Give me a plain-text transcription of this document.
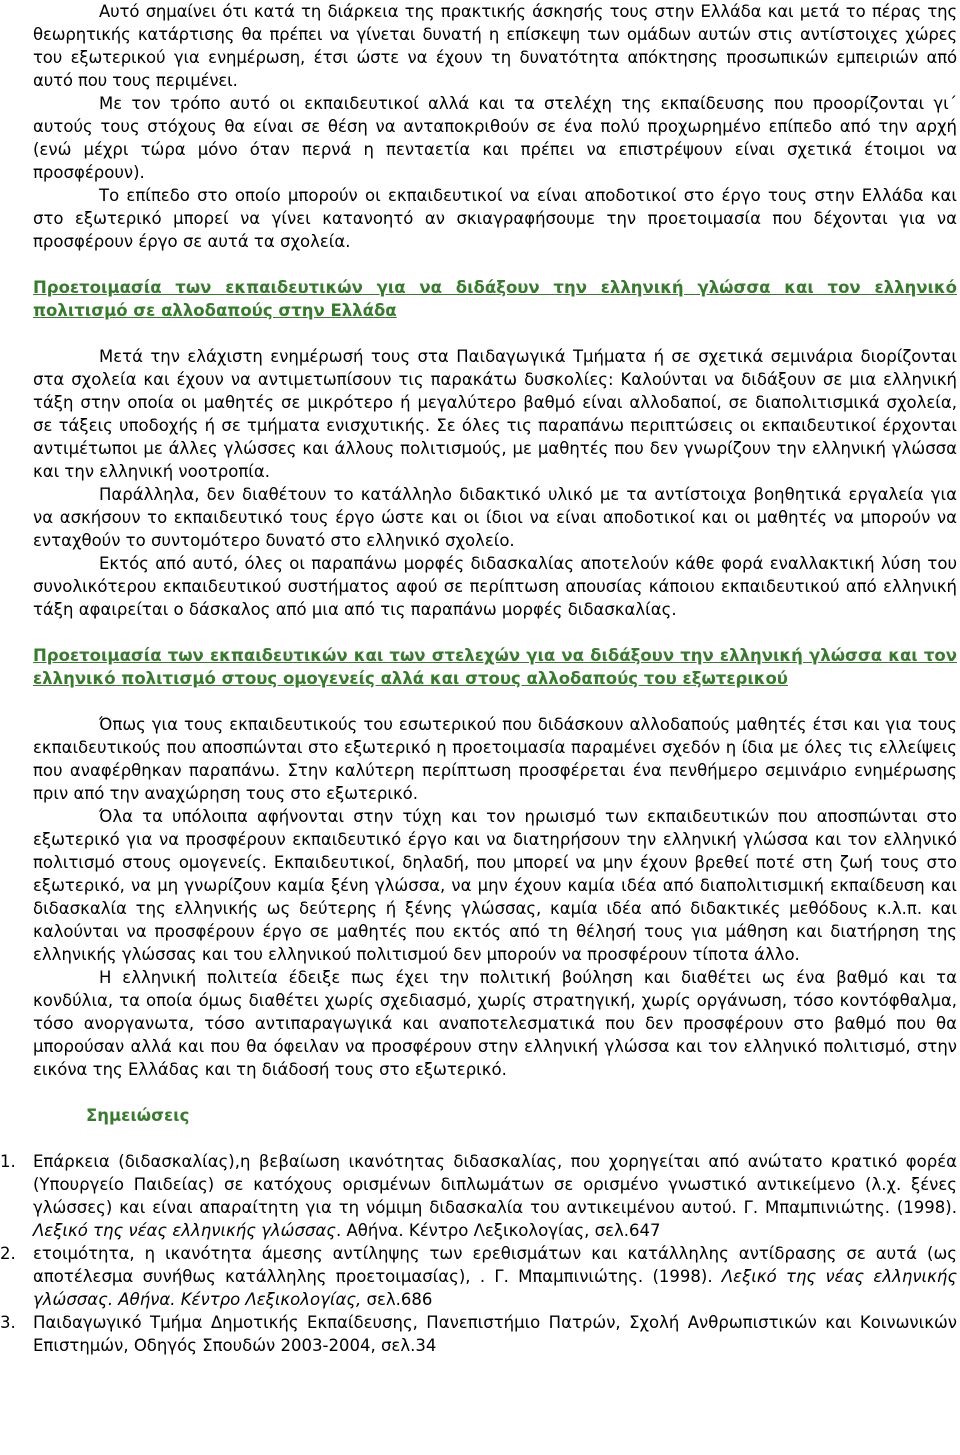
Αυτό σημαίνει ότι κατά τη διάρκεια της πρακτικής άσκησής τους στην Ελλάδα και μετά το πέρας της θεωρητικής κατάρτισης θα πρέπει να γίνεται δυνατή η επίσκεψη των ομάδων αυτών στις αντίστοιχες χώρες του εξωτερικού για ενημέρωση, έτσι ώστε να έχουν τη δυνατότητα απόκτησης προσωπικών εμπειριών από αυτό που τους περιμένει.

Με τον τρόπο αυτό οι εκπαιδευτικοί αλλά και τα στελέχη της εκπαίδευσης που προορίζονται γι΄ αυτούς τους στόχους θα είναι σε θέση να ανταποκριθούν σε ένα πολύ προχωρημένο επίπεδο από την αρχή (ενώ μέχρι τώρα μόνο όταν περνά η πενταετία και πρέπει να επιστρέψουν είναι σχετικά έτοιμοι να προσφέρουν).

Το επίπεδο στο οποίο μπορούν οι εκπαιδευτικοί να είναι αποδοτικοί στο έργο τους στην Ελλάδα και στο εξωτερικό μπορεί να γίνει κατανοητό αν σκιαγραφήσουμε την προετοιμασία που δέχονται για να προσφέρουν έργο σε αυτά τα σχολεία.

Προετοιμασία των εκπαιδευτικών για να διδάξουν την ελληνική γλώσσα και τον ελληνικό πολιτισμό σε αλλοδαπούς στην Ελλάδα

Μετά την ελάχιστη ενημέρωσή τους στα Παιδαγωγικά Τμήματα ή σε σχετικά σεμινάρια διορίζονται στα σχολεία και έχουν να αντιμετωπίσουν τις παρακάτω δυσκολίες: Καλούνται να διδάξουν σε μια ελληνική τάξη στην οποία οι μαθητές σε μικρότερο ή μεγαλύτερο βαθμό είναι αλλοδαποί, σε διαπολιτισμικά σχολεία, σε τάξεις υποδοχής ή σε τμήματα ενισχυτικής. Σε όλες τις παραπάνω περιπτώσεις οι εκπαιδευτικοί έρχονται αντιμέτωποι με άλλες γλώσσες και άλλους πολιτισμούς, με μαθητές που δεν γνωρίζουν την ελληνική γλώσσα και την ελληνική νοοτροπία.

Παράλληλα, δεν διαθέτουν το κατάλληλο διδακτικό υλικό με τα αντίστοιχα βοηθητικά εργαλεία για να ασκήσουν το εκπαιδευτικό τους έργο ώστε και οι ίδιοι να είναι αποδοτικοί και οι μαθητές να μπορούν να ενταχθούν το συντομότερο δυνατό στο ελληνικό σχολείο.

Εκτός από αυτό, όλες οι παραπάνω μορφές διδασκαλίας αποτελούν κάθε φορά εναλλακτική λύση του συνολικότερου εκπαιδευτικού συστήματος αφού σε περίπτωση απουσίας κάποιου εκπαιδευτικού από ελληνική τάξη αφαιρείται ο δάσκαλος από μια από τις παραπάνω μορφές διδασκαλίας.

Προετοιμασία των εκπαιδευτικών και των στελεχών για να διδάξουν την ελληνική γλώσσα και τον ελληνικό πολιτισμό στους ομογενείς αλλά και στους αλλοδαπούς του εξωτερικού

Όπως για τους εκπαιδευτικούς του εσωτερικού που διδάσκουν αλλοδαπούς μαθητές έτσι και για τους εκπαιδευτικούς που αποσπώνται στο εξωτερικό η προετοιμασία παραμένει σχεδόν η ίδια με όλες τις ελλείψεις που αναφέρθηκαν παραπάνω. Στην καλύτερη περίπτωση προσφέρεται ένα πενθήμερο σεμινάριο ενημέρωσης πριν από την αναχώρηση τους στο εξωτερικό.

Όλα τα υπόλοιπα αφήνονται στην τύχη και τον ηρωισμό των εκπαιδευτικών που αποσπώνται στο εξωτερικό για να προσφέρουν εκπαιδευτικό έργο και να διατηρήσουν την ελληνική γλώσσα και τον ελληνικό πολιτισμό στους ομογενείς. Εκπαιδευτικοί, δηλαδή, που μπορεί να μην έχουν βρεθεί ποτέ στη ζωή τους στο εξωτερικό, να μη γνωρίζουν καμία ξένη γλώσσα, να μην έχουν καμία ιδέα από διαπολιτισμική εκπαίδευση και διδασκαλία της ελληνικής ως δεύτερης ή ξένης γλώσσας, καμία ιδέα από διδακτικές μεθόδους κ.λ.π. και καλούνται να προσφέρουν έργο σε μαθητές που εκτός από τη θέλησή τους για μάθηση και διατήρηση της ελληνικής γλώσσας και του ελληνικού πολιτισμού δεν μπορούν να προσφέρουν τίποτα άλλο.

Η ελληνική πολιτεία έδειξε πως έχει την πολιτική βούληση και διαθέτει ως ένα βαθμό και τα κονδύλια, τα οποία όμως διαθέτει χωρίς σχεδιασμό, χωρίς στρατηγική, χωρίς οργάνωση, τόσο κοντόφθαλμα, τόσο ανοργανωτα, τόσο αντιπαραγωγικά και αναποτελεσματικά που δεν προσφέρουν στο βαθμό που θα μπορούσαν αλλά και που θα όφειλαν να προσφέρουν στην ελληνική γλώσσα και τον ελληνικό πολιτισμό, στην εικόνα της Ελλάδας και τη διάδοσή τους στο εξωτερικό.

Σημειώσεις
1.	Επάρκεια (διδασκαλίας),η βεβαίωση ικανότητας διδασκαλίας, που χορηγείται από ανώτατο κρατικό φορέα (Υπουργείο Παιδείας) σε κατόχους ορισμένων διπλωμάτων σε ορισμένο γνωστικό αντικείμενο (λ.χ. ξένες γλώσσες) και είναι απαραίτητη για τη νόμιμη διδασκαλία του αντικειμένου αυτού. Γ. Μπαμπινιώτης. (1998). Λεξικό της νέας ελληνικής γλώσσας. Αθήνα. Κέντρο Λεξικολογίας, σελ.647
2.	ετοιμότητα, η ικανότητα άμεσης αντίληψης των ερεθισμάτων και κατάλληλης αντίδρασης σε αυτά (ως αποτέλεσμα συνήθως κατάλληλης προετοιμασίας), . Γ. Μπαμπινιώτης. (1998). Λεξικό της νέας ελληνικής γλώσσας. Αθήνα. Κέντρο Λεξικολογίας, σελ.686
3.	Παιδαγωγικό Τμήμα Δημοτικής Εκπαίδευσης, Πανεπιστήμιο Πατρών, Σχολή Ανθρωπιστικών και Κοινωνικών Επιστημών, Οδηγός Σπουδών 2003-2004, σελ.34
